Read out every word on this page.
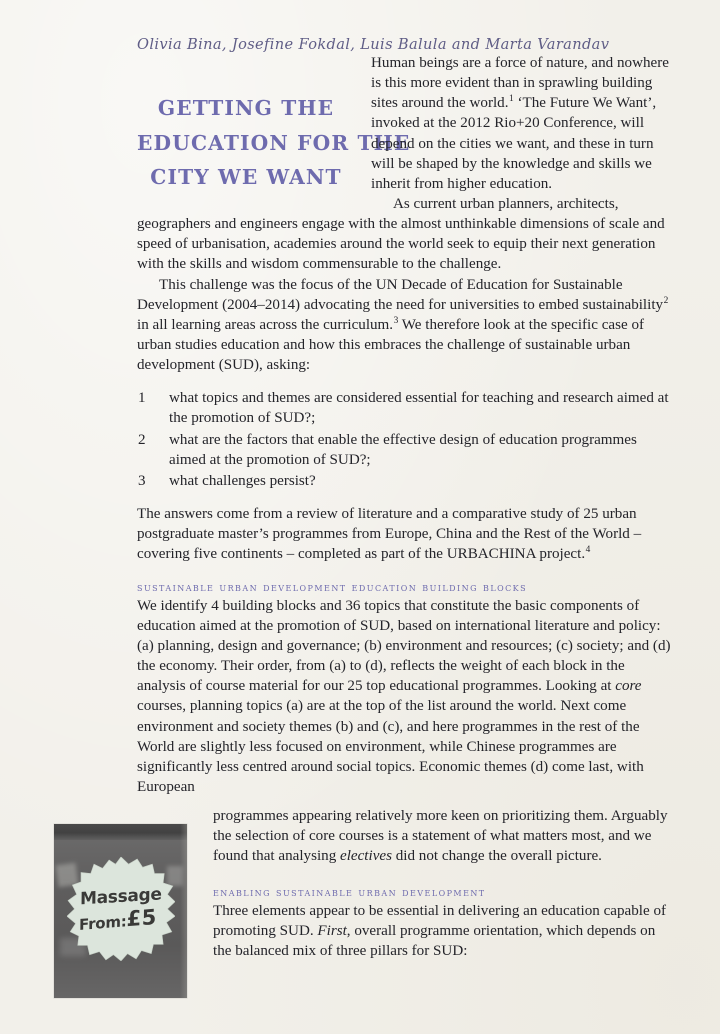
Olivia Bina, Josefine Fokdal, Luis Balula and Marta Varandav
GETTING THE
EDUCATION FOR THE
CITY WE WANT

Human beings are a force of nature, and nowhere is this more evident than in sprawling building sites around the world.$^1$ ‘The Future We Want’, invoked at the 2012 Rio+20 Conference, will depend on the cities we want, and these in turn will be shaped by the knowledge and skills we inherit from higher education.

As current urban planners, architects, geographers and engineers engage with the almost unthinkable dimensions of scale and speed of urbanisation, academies around the world seek to equip their next generation with the skills and wisdom commensurable to the challenge.

This challenge was the focus of the UN Decade of Education for Sustainable Development (2004–2014) advocating the need for universities to embed sustainability$^2$ in all learning areas across the curriculum.$^3$ We therefore look at the specific case of urban studies education and how this embraces the challenge of sustainable urban development (SUD), asking:

1 what topics and themes are considered essential for teaching and research aimed at the promotion of SUD?;
2 what are the factors that enable the effective design of education programmes aimed at the promotion of SUD?;
3 what challenges persist?

The answers come from a review of literature and a comparative study of 25 urban postgraduate master’s programmes from Europe, China and the Rest of the World – covering five continents – completed as part of the URBACHINA project.$^4$

sustainable urban development education building blocks

We identify 4 building blocks and 36 topics that constitute the basic components of education aimed at the promotion of SUD, based on international literature and policy: (a) planning, design and governance; (b) environment and resources; (c) society; and (d) the economy. Their order, from (a) to (d), reflects the weight of each block in the analysis of course material for our 25 top educational programmes. Looking at core courses, planning topics (a) are at the top of the list around the world. Next come environment and society themes (b) and (c), and here programmes in the rest of the World are slightly less focused on environment, while Chinese programmes are significantly less centred around social topics. Economic themes (d) come last, with European

Massage
From:£5

programmes appearing relatively more keen on prioritizing them. Arguably the selection of core courses is a statement of what matters most, and we found that analysing electives did not change the overall picture.

enabling sustainable urban development

Three elements appear to be essential in delivering an education capable of promoting SUD. First, overall programme orientation, which depends on the balanced mix of three pillars for SUD:
